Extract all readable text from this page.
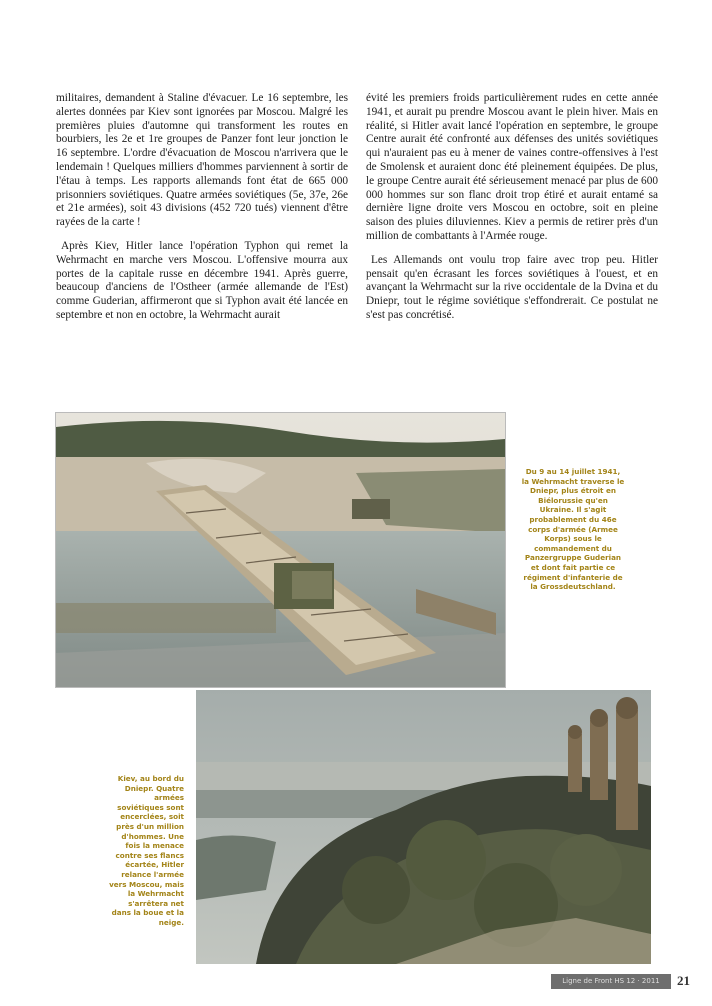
militaires, demandent à Staline d'évacuer. Le 16 septembre, les alertes données par Kiev sont ignorées par Moscou. Malgré les premières pluies d'automne qui transforment les routes en bourbiers, les 2e et 1re groupes de Panzer font leur jonction le 16 septembre. L'ordre d'évacuation de Moscou n'arrivera que le lendemain ! Quelques milliers d'hommes parviennent à sortir de l'étau à temps. Les rapports allemands font état de 665 000 prisonniers soviétiques. Quatre armées soviétiques (5e, 37e, 26e et 21e armées), soit 43 divisions (452 720 tués) viennent d'être rayées de la carte !

Après Kiev, Hitler lance l'opération Typhon qui remet la Wehrmacht en marche vers Moscou. L'offensive mourra aux portes de la capitale russe en décembre 1941. Après guerre, beaucoup d'anciens de l'Ostheer (armée allemande de l'Est) comme Guderian, affirmeront que si Typhon avait été lancée en septembre et non en octobre, la Wehrmacht aurait

évité les premiers froids particulièrement rudes en cette année 1941, et aurait pu prendre Moscou avant le plein hiver. Mais en réalité, si Hitler avait lancé l'opération en septembre, le groupe Centre aurait été confronté aux défenses des unités soviétiques qui n'auraient pas eu à mener de vaines contre-offensives à l'est de Smolensk et auraient donc été pleinement équipées. De plus, le groupe Centre aurait été sérieusement menacé par plus de 600 000 hommes sur son flanc droit trop étiré et aurait entamé sa dernière ligne droite vers Moscou en octobre, soit en pleine saison des pluies diluviennes. Kiev a permis de retirer près d'un million de combattants à l'Armée rouge.

Les Allemands ont voulu trop faire avec trop peu. Hitler pensait qu'en écrasant les forces soviétiques à l'ouest, et en avançant la Wehrmacht sur la rive occidentale de la Dvina et du Dniepr, tout le régime soviétique s'effondrerait. Ce postulat ne s'est pas concrétisé.

Du 9 au 14 juillet 1941, la Wehrmacht traverse le Dniepr, plus étroit en Biélorussie qu'en Ukraine. Il s'agit probablement du 46e corps d'armée (Armee Korps) sous le commandement du Panzergruppe Guderian et dont fait partie ce régiment d'infanterie de la Grossdeutschland.
Kiev, au bord du Dniepr. Quatre armées soviétiques sont encerclées, soit près d'un million d'hommes. Une fois la menace contre ses flancs écartée, Hitler relance l'armée vers Moscou, mais la Wehrmacht s'arrêtera net dans la boue et la neige.
Ligne de Front HS 12 · 2011	21
